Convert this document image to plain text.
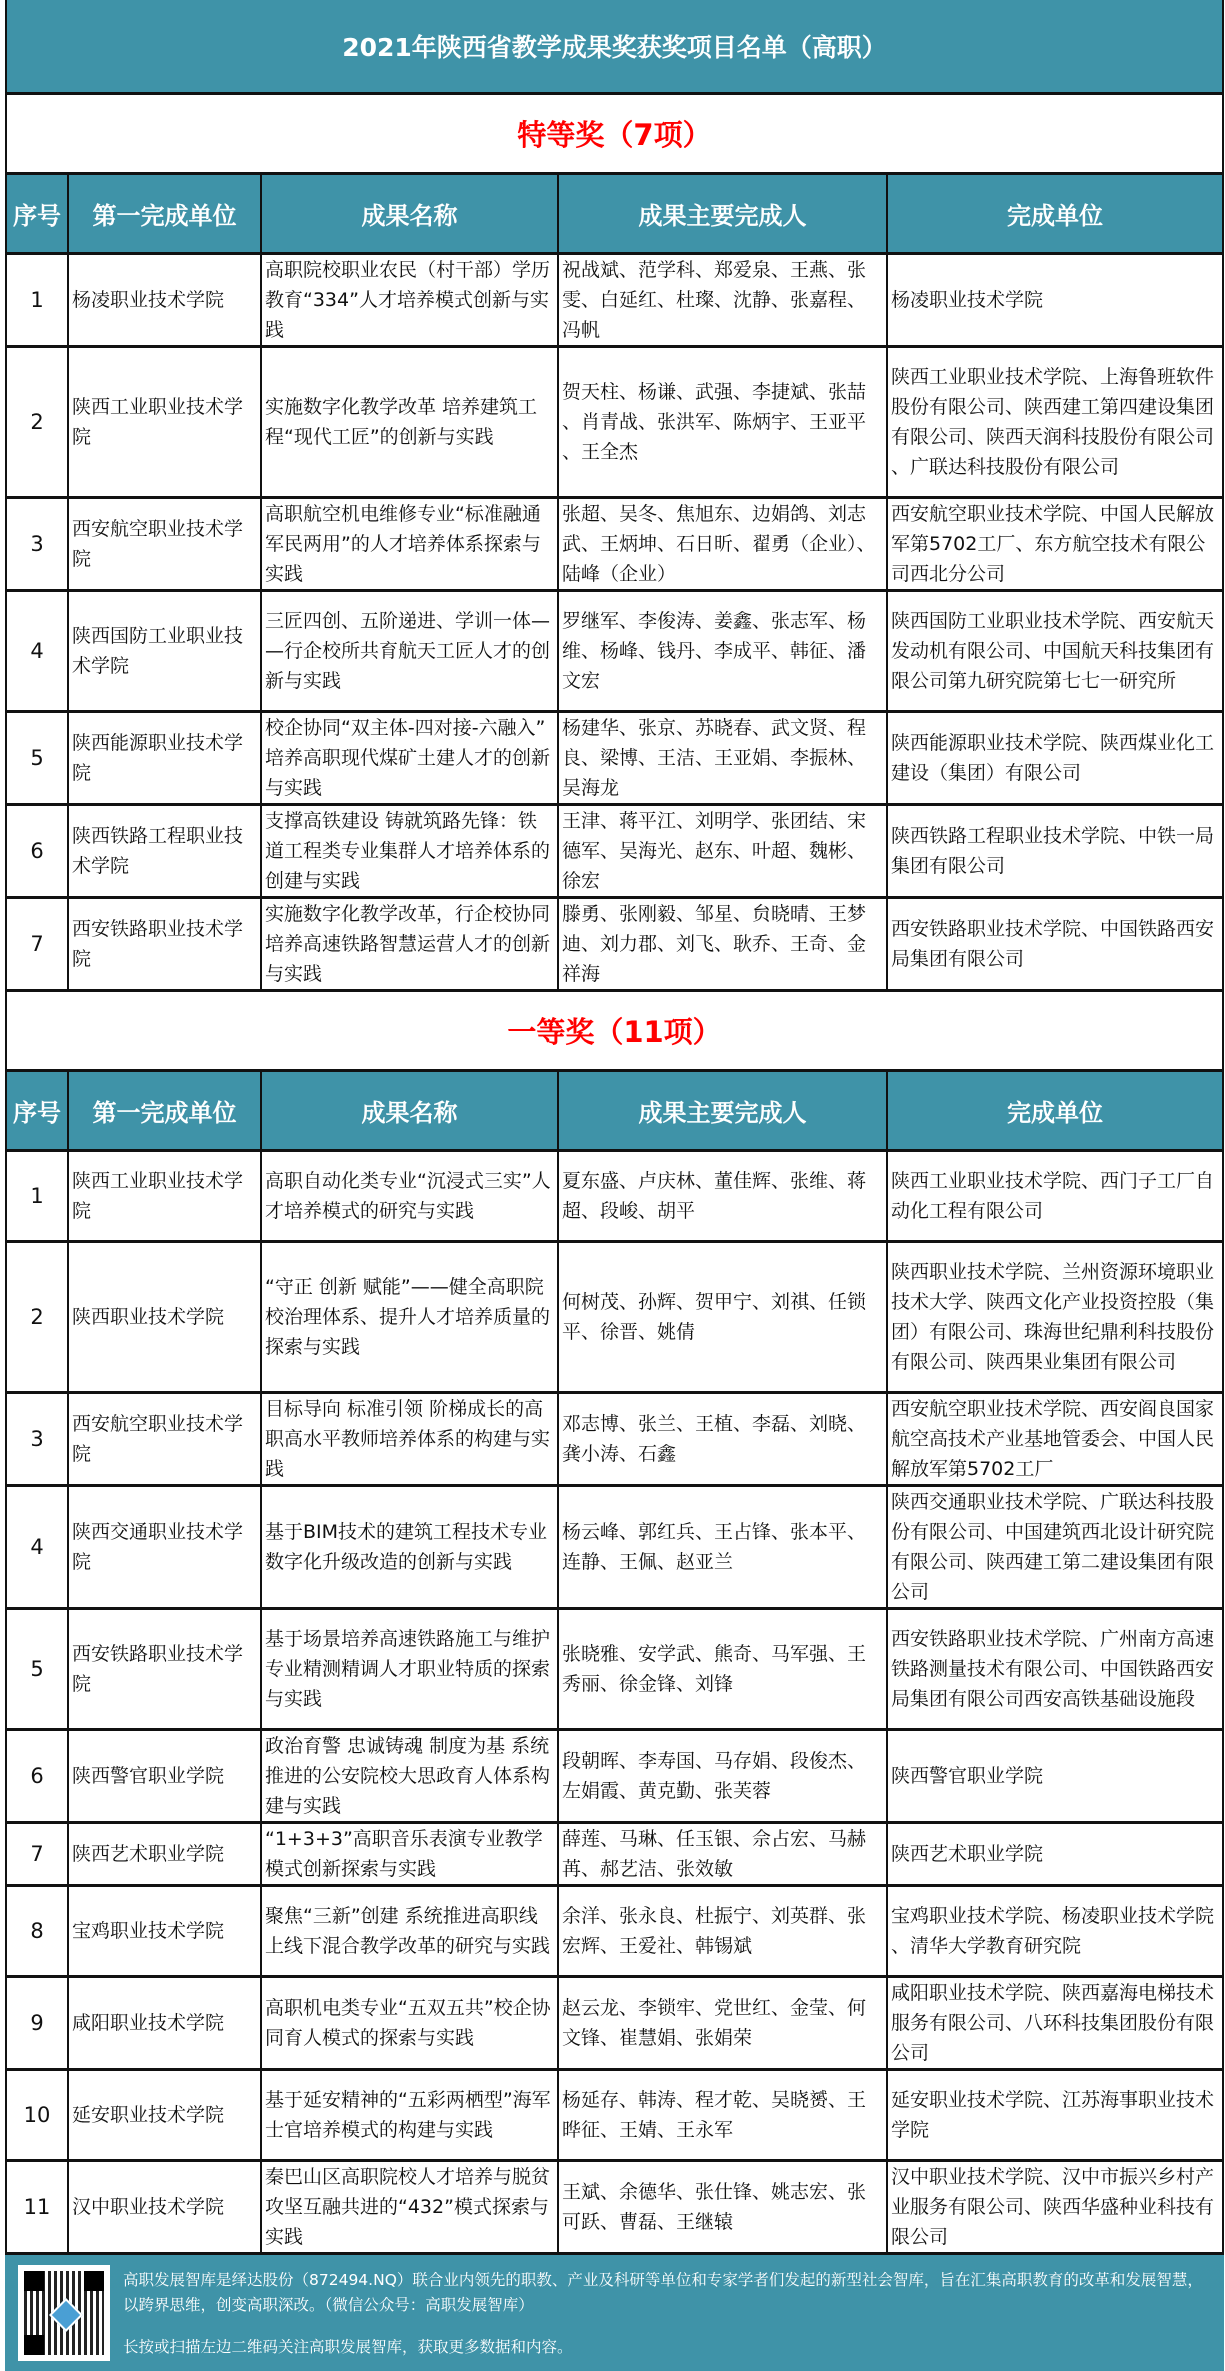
2021年陕西省教学成果奖获奖项目名单（高职）
特等奖（7项）
序号	第一完成单位	成果名称	成果主要完成人	完成单位
1	杨凌职业技术学院	高职院校职业农民（村干部）学历教育“334”人才培养模式创新与实践	祝战斌、范学科、郑爱泉、王燕、张雯、白延红、杜璨、沈静、张嘉程、冯帆	杨凌职业技术学院
2	陕西工业职业技术学院	实施数字化教学改革 培养建筑工程“现代工匠”的创新与实践	贺天柱、杨谦、武强、李捷斌、张喆、肖青战、张洪军、陈炳宇、王亚平、王全杰	陕西工业职业技术学院、上海鲁班软件股份有限公司、陕西建工第四建设集团有限公司、陕西天润科技股份有限公司、广联达科技股份有限公司
3	西安航空职业技术学院	高职航空机电维修专业“标准融通军民两用”的人才培养体系探索与实践	张超、吴冬、焦旭东、边娟鸽、刘志武、王炳坤、石日昕、翟勇（企业）、陆峰（企业）	西安航空职业技术学院、中国人民解放军第5702工厂、东方航空技术有限公司西北分公司
4	陕西国防工业职业技术学院	三匠四创、五阶递进、学训一体——行企校所共育航天工匠人才的创新与实践	罗继军、李俊涛、姜鑫、张志军、杨维、杨峰、钱丹、李成平、韩征、潘文宏	陕西国防工业职业技术学院、西安航天发动机有限公司、中国航天科技集团有限公司第九研究院第七七一研究所
5	陕西能源职业技术学院	校企协同“双主体-四对接-六融入”培养高职现代煤矿土建人才的创新与实践	杨建华、张京、苏晓春、武文贤、程良、梁博、王洁、王亚娟、李振林、吴海龙	陕西能源职业技术学院、陕西煤业化工建设（集团）有限公司
6	陕西铁路工程职业技术学院	支撑高铁建设 铸就筑路先锋：铁道工程类专业集群人才培养体系的创建与实践	王津、蒋平江、刘明学、张团结、宋德军、吴海光、赵东、叶超、魏彬、徐宏	陕西铁路工程职业技术学院、中铁一局集团有限公司
7	西安铁路职业技术学院	实施数字化教学改革，行企校协同培养高速铁路智慧运营人才的创新与实践	滕勇、张刚毅、邹星、贠晓晴、王梦迪、刘力郡、刘飞、耿乔、王奇、金祥海	西安铁路职业技术学院、中国铁路西安局集团有限公司
一等奖（11项）
序号	第一完成单位	成果名称	成果主要完成人	完成单位
1	陕西工业职业技术学院	高职自动化类专业“沉浸式三实”人才培养模式的研究与实践	夏东盛、卢庆林、董佳辉、张维、蒋超、段峻、胡平	陕西工业职业技术学院、西门子工厂自动化工程有限公司
2	陕西职业技术学院	“守正 创新 赋能”——健全高职院校治理体系、提升人才培养质量的探索与实践	何树茂、孙辉、贺甲宁、刘祺、任锁平、徐晋、姚倩	陕西职业技术学院、兰州资源环境职业技术大学、陕西文化产业投资控股（集团）有限公司、珠海世纪鼎利科技股份有限公司、陕西果业集团有限公司
3	西安航空职业技术学院	目标导向 标准引领 阶梯成长的高职高水平教师培养体系的构建与实践	邓志博、张兰、王植、李磊、刘晓、龚小涛、石鑫	西安航空职业技术学院、西安阎良国家航空高技术产业基地管委会、中国人民解放军第5702工厂
4	陕西交通职业技术学院	基于BIM技术的建筑工程技术专业数字化升级改造的创新与实践	杨云峰、郭红兵、王占锋、张本平、连静、王佩、赵亚兰	陕西交通职业技术学院、广联达科技股份有限公司、中国建筑西北设计研究院有限公司、陕西建工第二建设集团有限公司
5	西安铁路职业技术学院	基于场景培养高速铁路施工与维护专业精测精调人才职业特质的探索与实践	张晓雅、安学武、熊奇、马军强、王秀丽、徐金锋、刘锋	西安铁路职业技术学院、广州南方高速铁路测量技术有限公司、中国铁路西安局集团有限公司西安高铁基础设施段
6	陕西警官职业学院	政治育警 忠诚铸魂 制度为基 系统推进的公安院校大思政育人体系构建与实践	段朝晖、李寿国、马存娟、段俊杰、左娟霞、黄克勤、张芙蓉	陕西警官职业学院
7	陕西艺术职业学院	“1+3+3”高职音乐表演专业教学模式创新探索与实践	薛莲、马琳、任玉银、佘占宏、马赫苒、郝艺洁、张效敏	陕西艺术职业学院
8	宝鸡职业技术学院	聚焦“三新”创建 系统推进高职线上线下混合教学改革的研究与实践	余洋、张永良、杜振宁、刘英群、张宏辉、王爱社、韩锡斌	宝鸡职业技术学院、杨凌职业技术学院、清华大学教育研究院
9	咸阳职业技术学院	高职机电类专业“五双五共”校企协同育人模式的探索与实践	赵云龙、李锁牢、党世红、金莹、何文锋、崔慧娟、张娟荣	咸阳职业技术学院、陕西嘉海电梯技术服务有限公司、八环科技集团股份有限公司
10	延安职业技术学院	基于延安精神的“五彩两栖型”海军士官培养模式的构建与实践	杨延存、韩涛、程才乾、吴晓赟、王晔征、王婧、王永军	延安职业技术学院、江苏海事职业技术学院
11	汉中职业技术学院	秦巴山区高职院校人才培养与脱贫攻坚互融共进的“432”模式探索与实践	王斌、余德华、张仕锋、姚志宏、张可跃、曹磊、王继辕	汉中职业技术学院、汉中市振兴乡村产业服务有限公司、陕西华盛种业科技有限公司
高职发展智库是绎达股份（872494.NQ）联合业内领先的职教、产业及科研等单位和专家学者们发起的新型社会智库，旨在汇集高职教育的改革和发展智慧，以跨界思维，创变高职深改。（微信公众号：高职发展智库）
长按或扫描左边二维码关注高职发展智库，获取更多数据和内容。
